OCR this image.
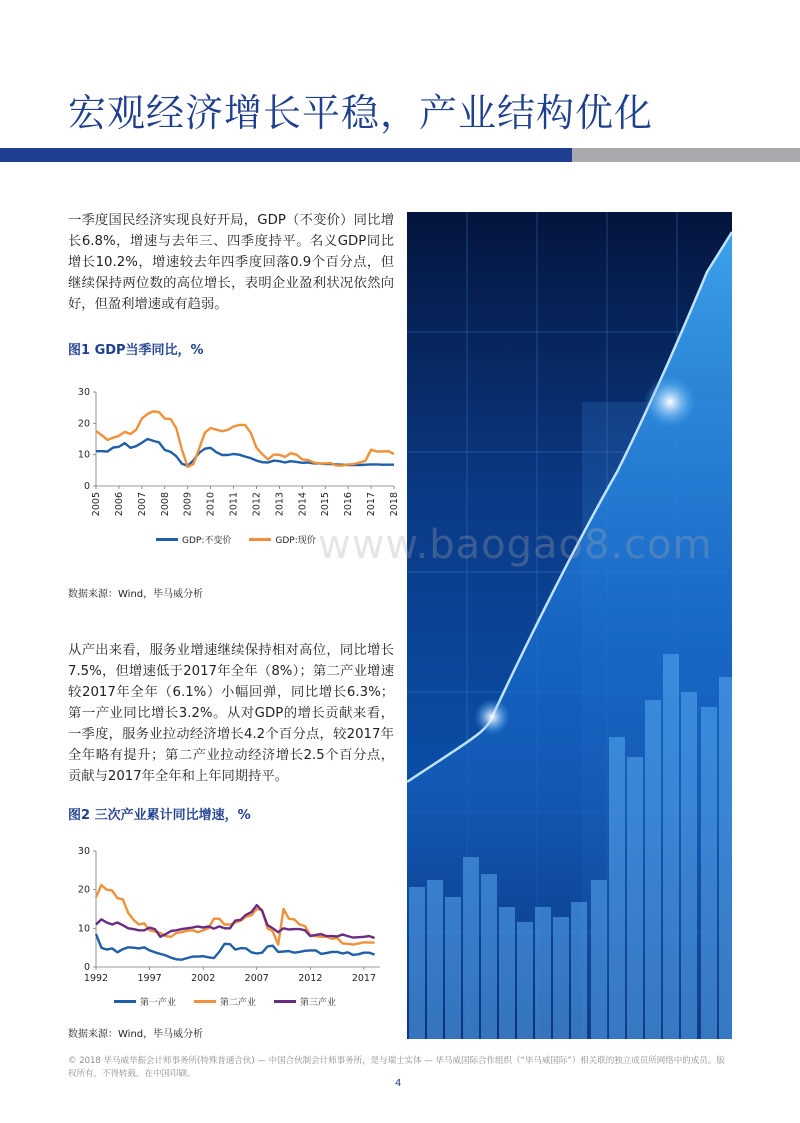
宏观经济增长平稳，产业结构优化

一季度国民经济实现良好开局，GDP（不变价）同比增长6.8%，增速与去年三、四季度持平。名义GDP同比增长10.2%，增速较去年四季度回落0.9个百分点，但继续保持两位数的高位增长，表明企业盈利状况依然向好，但盈利增速或有趋弱。

图1 GDP当季同比，%

0
10
20
30
2005 2006 2007 2008 2009 2010 2011 2012 2013 2014 2015 2016 2017 2018
GDP:不变价	GDP:现价
数据来源：Wind，毕马威分析

从产出来看，服务业增速继续保持相对高位，同比增长7.5%，但增速低于2017年全年（8%）；第二产业增速较2017年全年（6.1%）小幅回弹，同比增长6.3%；第一产业同比增长3.2%。从对GDP的增长贡献来看，一季度，服务业拉动经济增长4.2个百分点，较2017年全年略有提升；第二产业拉动经济增长2.5个百分点，贡献与2017年全年和上年同期持平。

图2 三次产业累计同比增速，%

0
10
20
30
1992	1997	2002	2007	2012	2017
第一产业	第二产业	第三产业
数据来源：Wind，毕马威分析
www.baogao8.com
© 2018 毕马威华振会计师事务所(特殊普通合伙) — 中国合伙制会计师事务所，是与瑞士实体 — 毕马威国际合作组织（“毕马威国际”）相关联的独立成员所网络中的成员。版权所有，不得转载。在中国印刷。
4
